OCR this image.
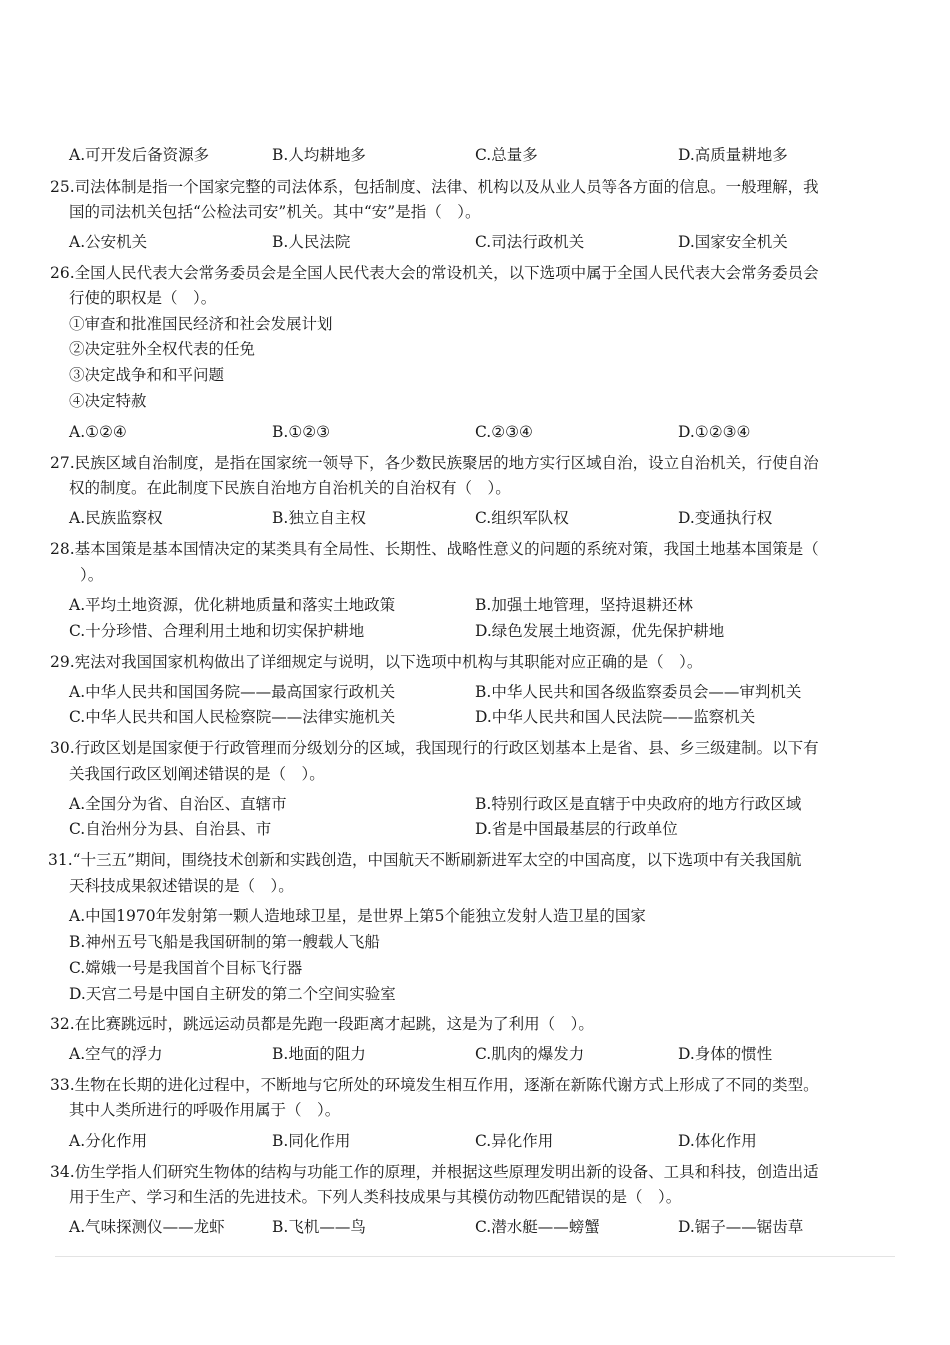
A.可开发后备资源多	B.人均耕地多	C.总量多	D.高质量耕地多
25.司法体制是指一个国家完整的司法体系，包括制度、法律、机构以及从业人员等各方面的信息。一般理解，我
国的司法机关包括“公检法司安”机关。其中“安”是指（　）。
A.公安机关	B.人民法院	C.司法行政机关	D.国家安全机关
26.全国人民代表大会常务委员会是全国人民代表大会的常设机关，以下选项中属于全国人民代表大会常务委员会
行使的职权是（　）。
①审查和批准国民经济和社会发展计划
②决定驻外全权代表的任免
③决定战争和和平问题
④决定特赦
A.①②④	B.①②③	C.②③④	D.①②③④
27.民族区域自治制度，是指在国家统一领导下，各少数民族聚居的地方实行区域自治，设立自治机关，行使自治
权的制度。在此制度下民族自治地方自治机关的自治权有（　）。
A.民族监察权	B.独立自主权	C.组织军队权	D.变通执行权
28.基本国策是基本国情决定的某类具有全局性、长期性、战略性意义的问题的系统对策，我国土地基本国策是（
）。
A.平均土地资源，优化耕地质量和落实土地政策	B.加强土地管理，坚持退耕还林
C.十分珍惜、合理利用土地和切实保护耕地	D.绿色发展土地资源，优先保护耕地
29.宪法对我国国家机构做出了详细规定与说明，以下选项中机构与其职能对应正确的是（　）。
A.中华人民共和国国务院——最高国家行政机关	B.中华人民共和国各级监察委员会——审判机关
C.中华人民共和国人民检察院——法律实施机关	D.中华人民共和国人民法院——监察机关
30.行政区划是国家便于行政管理而分级划分的区域，我国现行的行政区划基本上是省、县、乡三级建制。以下有
关我国行政区划阐述错误的是（　）。
A.全国分为省、自治区、直辖市	B.特别行政区是直辖于中央政府的地方行政区域
C.自治州分为县、自治县、市	D.省是中国最基层的行政单位
31.“十三五”期间，围绕技术创新和实践创造，中国航天不断刷新进军太空的中国高度，以下选项中有关我国航
天科技成果叙述错误的是（　）。
A.中国1970年发射第一颗人造地球卫星，是世界上第5个能独立发射人造卫星的国家
B.神州五号飞船是我国研制的第一艘载人飞船
C.嫦娥一号是我国首个目标飞行器
D.天宫二号是中国自主研发的第二个空间实验室
32.在比赛跳远时，跳远运动员都是先跑一段距离才起跳，这是为了利用（　）。
A.空气的浮力	B.地面的阻力	C.肌肉的爆发力	D.身体的惯性
33.生物在长期的进化过程中，不断地与它所处的环境发生相互作用，逐渐在新陈代谢方式上形成了不同的类型。
其中人类所进行的呼吸作用属于（　）。
A.分化作用	B.同化作用	C.异化作用	D.体化作用
34.仿生学指人们研究生物体的结构与功能工作的原理，并根据这些原理发明出新的设备、工具和科技，创造出适
用于生产、学习和生活的先进技术。下列人类科技成果与其模仿动物匹配错误的是（　）。
A.气味探测仪——龙虾	B.飞机——鸟	C.潜水艇——螃蟹	D.锯子——锯齿草
